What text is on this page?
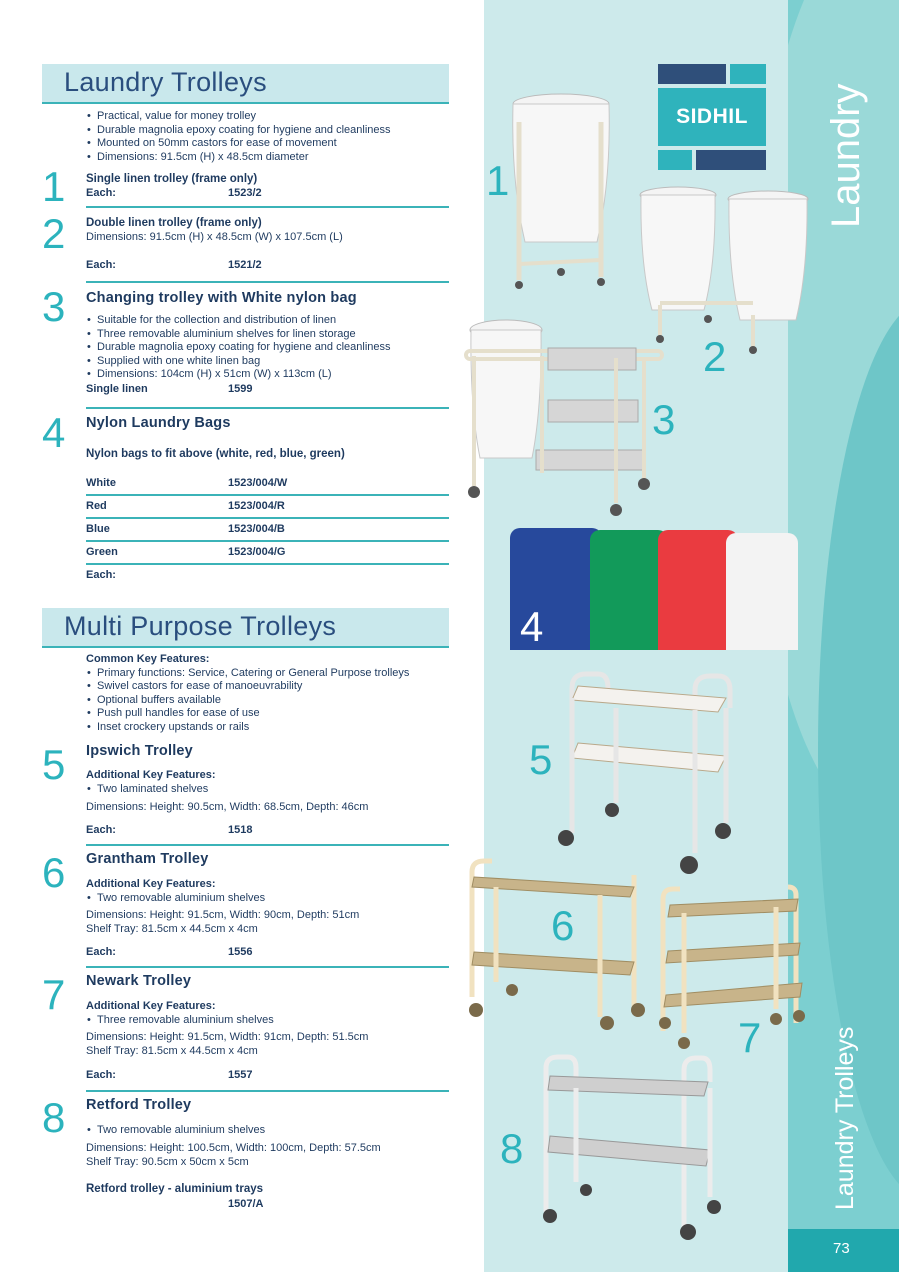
Laundry Trolleys
• Practical, value for money trolley
• Durable magnolia epoxy coating for hygiene and cleanliness
• Mounted on 50mm castors for ease of movement
• Dimensions: 91.5cm (H) x 48.5cm diameter
1 Single linen trolley (frame only)
Each:	1523/2
2 Double linen trolley (frame only)
Dimensions: 91.5cm (H) x 48.5cm (W) x 107.5cm (L)
Each:	1521/2
3 Changing trolley with White nylon bag
• Suitable for the collection and distribution of linen
• Three removable aluminium shelves for linen storage
• Durable magnolia epoxy coating for hygiene and cleanliness
• Supplied with one white linen bag
• Dimensions: 104cm (H) x 51cm (W) x 113cm (L)
Single linen	1599
4 Nylon Laundry Bags
Nylon bags to fit above (white, red, blue, green)
White	1523/004/W
Red	1523/004/R
Blue	1523/004/B
Green	1523/004/G
Each:
Multi Purpose Trolleys
Common Key Features:
• Primary functions: Service, Catering or General Purpose trolleys
• Swivel castors for ease of manoeuvrability
• Optional buffers available
• Push pull handles for ease of use
• Inset crockery upstands or rails
5 Ipswich Trolley
Additional Key Features:
• Two laminated shelves
Dimensions: Height: 90.5cm, Width: 68.5cm, Depth: 46cm
Each:	1518
6 Grantham Trolley
Additional Key Features:
• Two removable aluminium shelves
Dimensions: Height: 91.5cm, Width: 90cm, Depth: 51cm
Shelf Tray: 81.5cm x 44.5cm x 4cm
Each:	1556
7 Newark Trolley
Additional Key Features:
• Three removable aluminium shelves
Dimensions: Height: 91.5cm, Width: 91cm, Depth: 51.5cm
Shelf Tray: 81.5cm x 44.5cm x 4cm
Each:	1557
8 Retford Trolley
• Two removable aluminium shelves
Dimensions: Height: 100.5cm, Width: 100cm, Depth: 57.5cm
Shelf Tray: 90.5cm x 50cm x 5cm
Retford trolley - aluminium trays
1507/A
Laundry
Laundry Trolleys
73
SIDHIL
1
2
3
4
5
6
7
8
